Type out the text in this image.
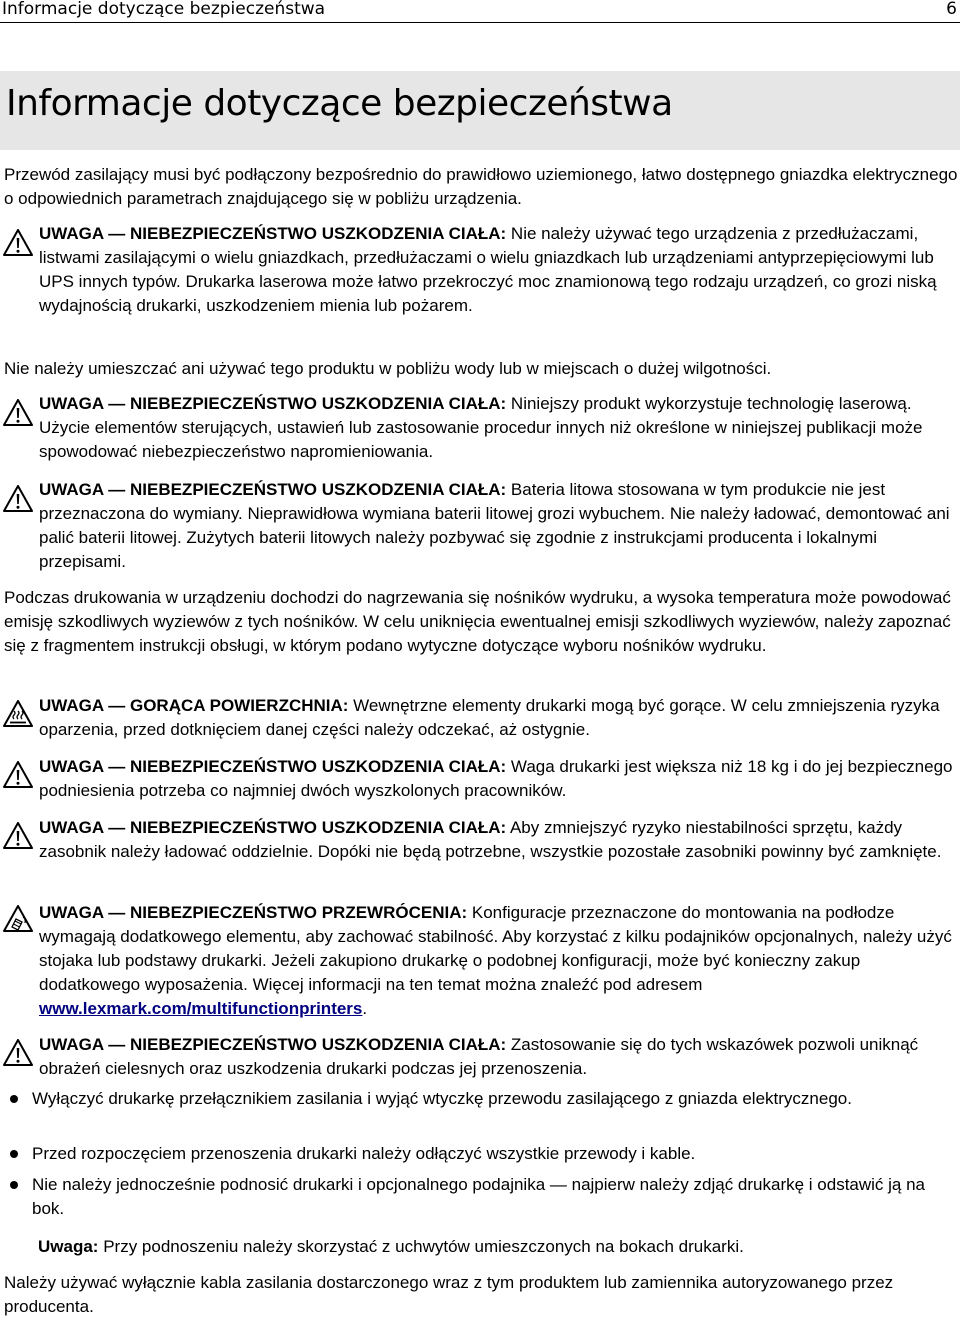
Informacje dotyczące bezpieczeństwa	6
Informacje dotyczące bezpieczeństwa
Przewód zasilający musi być podłączony bezpośrednio do prawidłowo uziemionego, łatwo dostępnego gniazdka elektrycznego o odpowiednich parametrach znajdującego się w pobliżu urządzenia.
UWAGA — NIEBEZPIECZEŃSTWO USZKODZENIA CIAŁA: Nie należy używać tego urządzenia z przedłużaczami, listwami zasilającymi o wielu gniazdkach, przedłużaczami o wielu gniazdkach lub urządzeniami antyprzepięciowymi lub UPS innych typów. Drukarka laserowa może łatwo przekroczyć moc znamionową tego rodzaju urządzeń, co grozi niską wydajnością drukarki, uszkodzeniem mienia lub pożarem.
Nie należy umieszczać ani używać tego produktu w pobliżu wody lub w miejscach o dużej wilgotności.
UWAGA — NIEBEZPIECZEŃSTWO USZKODZENIA CIAŁA: Niniejszy produkt wykorzystuje technologię laserową. Użycie elementów sterujących, ustawień lub zastosowanie procedur innych niż określone w niniejszej publikacji może spowodować niebezpieczeństwo napromieniowania.
UWAGA — NIEBEZPIECZEŃSTWO USZKODZENIA CIAŁA: Bateria litowa stosowana w tym produkcie nie jest przeznaczona do wymiany. Nieprawidłowa wymiana baterii litowej grozi wybuchem. Nie należy ładować, demontować ani palić baterii litowej. Zużytych baterii litowych należy pozbywać się zgodnie z instrukcjami producenta i lokalnymi przepisami.
Podczas drukowania w urządzeniu dochodzi do nagrzewania się nośników wydruku, a wysoka temperatura może powodować emisję szkodliwych wyziewów z tych nośników. W celu uniknięcia ewentualnej emisji szkodliwych wyziewów, należy zapoznać się z fragmentem instrukcji obsługi, w którym podano wytyczne dotyczące wyboru nośników wydruku.
UWAGA — GORĄCA POWIERZCHNIA: Wewnętrzne elementy drukarki mogą być gorące. W celu zmniejszenia ryzyka oparzenia, przed dotknięciem danej części należy odczekać, aż ostygnie.
UWAGA — NIEBEZPIECZEŃSTWO USZKODZENIA CIAŁA: Waga drukarki jest większa niż 18 kg i do jej bezpiecznego podniesienia potrzeba co najmniej dwóch wyszkolonych pracowników.
UWAGA — NIEBEZPIECZEŃSTWO USZKODZENIA CIAŁA: Aby zmniejszyć ryzyko niestabilności sprzętu, każdy zasobnik należy ładować oddzielnie. Dopóki nie będą potrzebne, wszystkie pozostałe zasobniki powinny być zamknięte.
UWAGA — NIEBEZPIECZEŃSTWO PRZEWRÓCENIA: Konfiguracje przeznaczone do montowania na podłodze wymagają dodatkowego elementu, aby zachować stabilność. Aby korzystać z kilku podajników opcjonalnych, należy użyć stojaka lub podstawy drukarki. Jeżeli zakupiono drukarkę o podobnej konfiguracji, może być konieczny zakup dodatkowego wyposażenia. Więcej informacji na ten temat można znaleźć pod adresem www.lexmark.com/multifunctionprinters.
UWAGA — NIEBEZPIECZEŃSTWO USZKODZENIA CIAŁA: Zastosowanie się do tych wskazówek pozwoli uniknąć obrażeń cielesnych oraz uszkodzenia drukarki podczas jej przenoszenia.
Wyłączyć drukarkę przełącznikiem zasilania i wyjąć wtyczkę przewodu zasilającego z gniazda elektrycznego.
Przed rozpoczęciem przenoszenia drukarki należy odłączyć wszystkie przewody i kable.
Nie należy jednocześnie podnosić drukarki i opcjonalnego podajnika — najpierw należy zdjąć drukarkę i odstawić ją na bok.
Uwaga: Przy podnoszeniu należy skorzystać z uchwytów umieszczonych na bokach drukarki.
Należy używać wyłącznie kabla zasilania dostarczonego wraz z tym produktem lub zamiennika autoryzowanego przez producenta.
